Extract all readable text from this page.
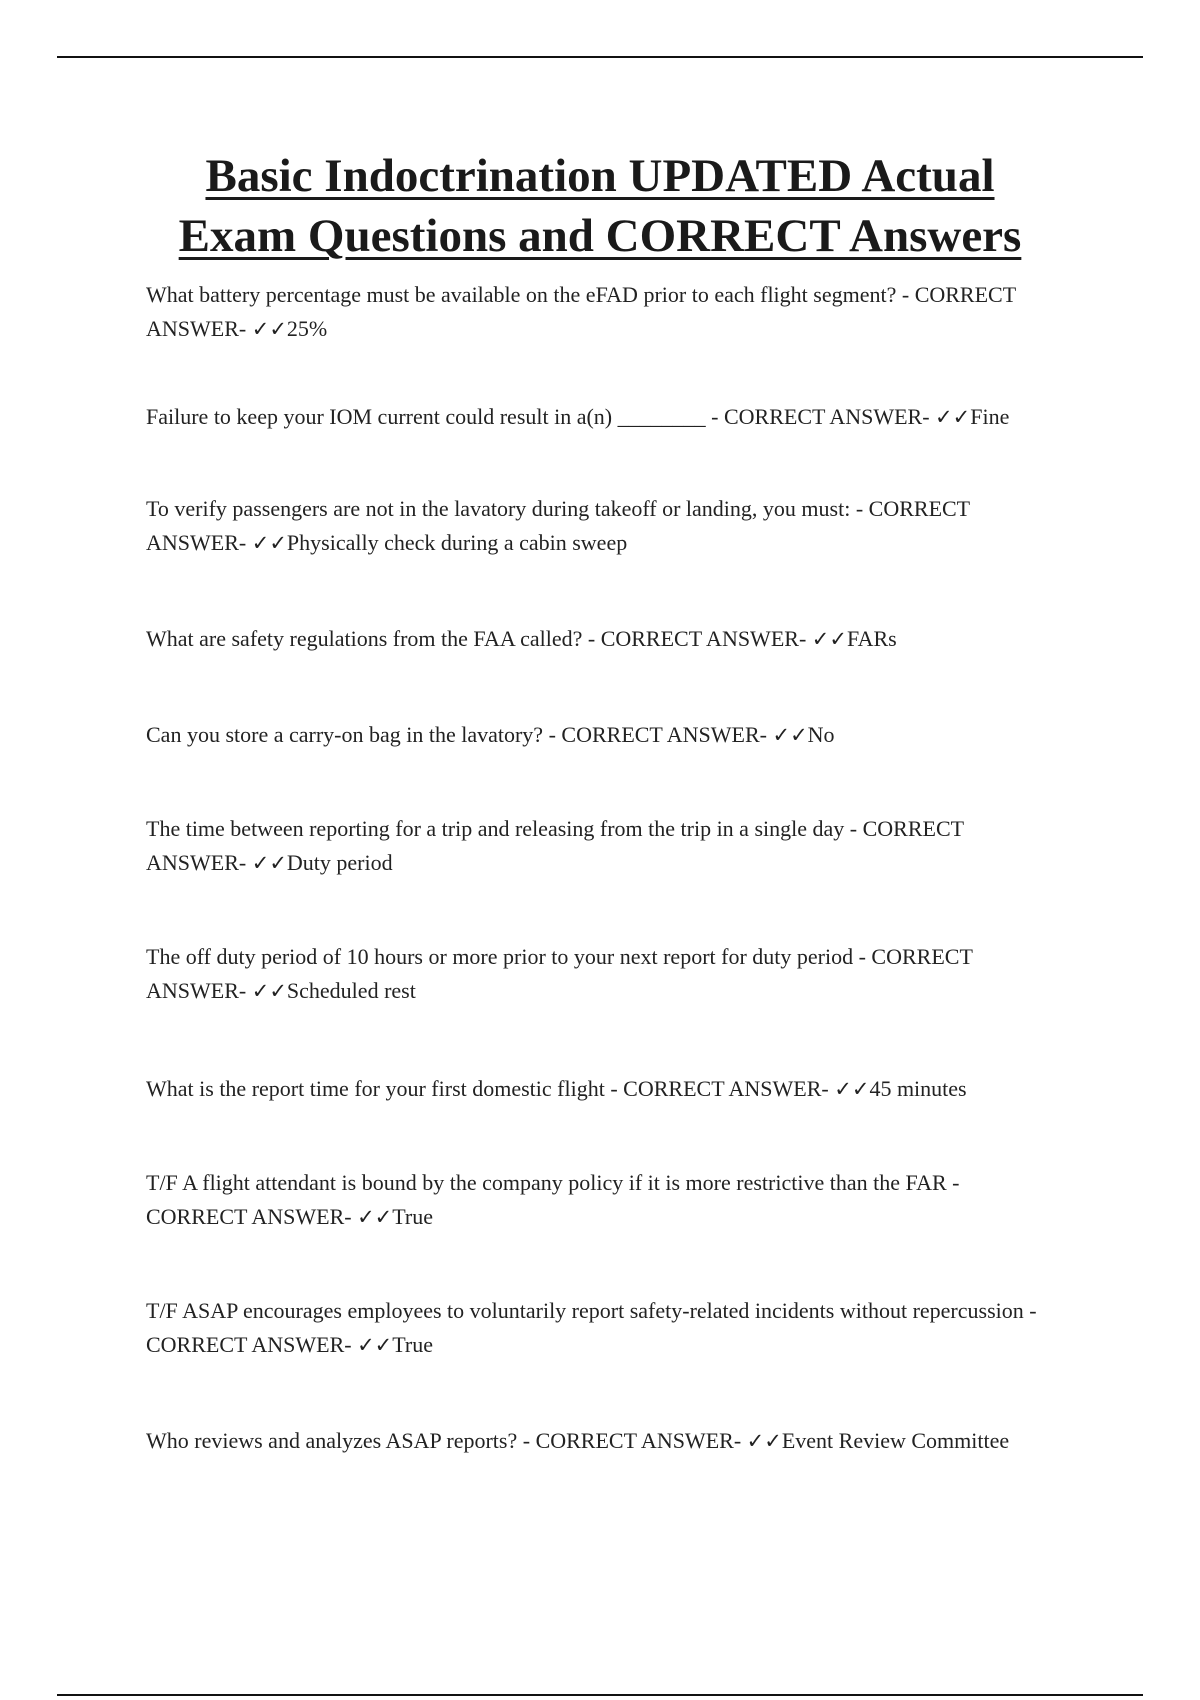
Basic Indoctrination UPDATED Actual
Exam Questions and CORRECT Answers

What battery percentage must be available on the eFAD prior to each flight segment? - CORRECT ANSWER- ✓✓25%

Failure to keep your IOM current could result in a(n) ________ - CORRECT ANSWER- ✓✓Fine

To verify passengers are not in the lavatory during takeoff or landing, you must: - CORRECT ANSWER- ✓✓Physically check during a cabin sweep

What are safety regulations from the FAA called? - CORRECT ANSWER- ✓✓FARs

Can you store a carry-on bag in the lavatory? - CORRECT ANSWER- ✓✓No

The time between reporting for a trip and releasing from the trip in a single day - CORRECT ANSWER- ✓✓Duty period

The off duty period of 10 hours or more prior to your next report for duty period - CORRECT ANSWER- ✓✓Scheduled rest

What is the report time for your first domestic flight - CORRECT ANSWER- ✓✓45 minutes

T/F A flight attendant is bound by the company policy if it is more restrictive than the FAR - CORRECT ANSWER- ✓✓True

T/F ASAP encourages employees to voluntarily report safety-related incidents without repercussion - CORRECT ANSWER- ✓✓True

Who reviews and analyzes ASAP reports? - CORRECT ANSWER- ✓✓Event Review Committee
